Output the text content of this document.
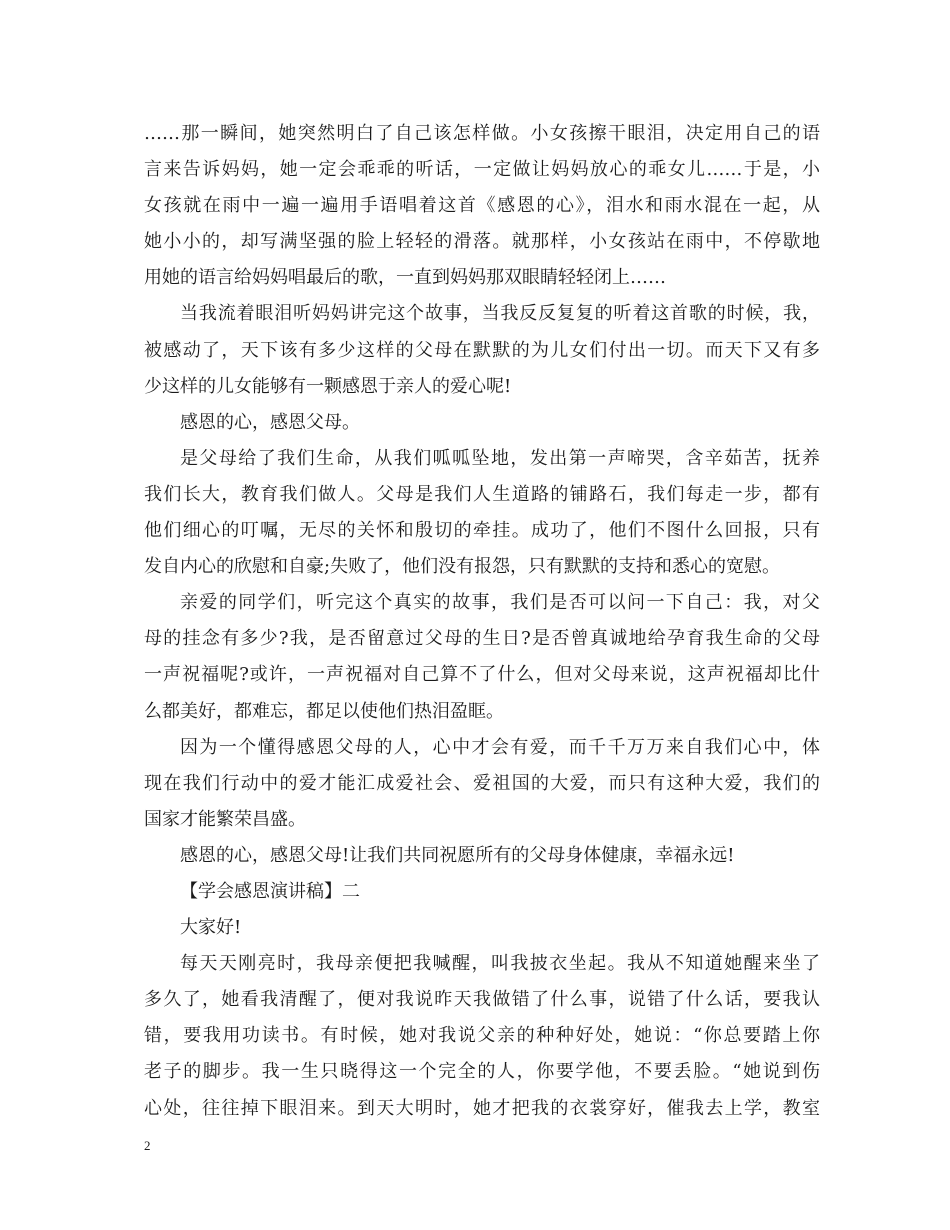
……那一瞬间，她突然明白了自己该怎样做。小女孩擦干眼泪，决定用自己的语
言来告诉妈妈，她一定会乖乖的听话，一定做让妈妈放心的乖女儿……于是，小
女孩就在雨中一遍一遍用手语唱着这首《感恩的心》，泪水和雨水混在一起，从
她小小的，却写满坚强的脸上轻轻的滑落。就那样，小女孩站在雨中，不停歇地
用她的语言给妈妈唱最后的歌，一直到妈妈那双眼睛轻轻闭上……
当我流着眼泪听妈妈讲完这个故事，当我反反复复的听着这首歌的时候，我，
被感动了，天下该有多少这样的父母在默默的为儿女们付出一切。而天下又有多
少这样的儿女能够有一颗感恩于亲人的爱心呢!
感恩的心，感恩父母。
是父母给了我们生命，从我们呱呱坠地，发出第一声啼哭，含辛茹苦，抚养
我们长大，教育我们做人。父母是我们人生道路的铺路石，我们每走一步，都有
他们细心的叮嘱，无尽的关怀和殷切的牵挂。成功了，他们不图什么回报，只有
发自内心的欣慰和自豪;失败了，他们没有报怨，只有默默的支持和悉心的宽慰。
亲爱的同学们，听完这个真实的故事，我们是否可以问一下自己：我，对父
母的挂念有多少?我，是否留意过父母的生日?是否曾真诚地给孕育我生命的父母
一声祝福呢?或许，一声祝福对自己算不了什么，但对父母来说，这声祝福却比什
么都美好，都难忘，都足以使他们热泪盈眶。
因为一个懂得感恩父母的人，心中才会有爱，而千千万万来自我们心中，体
现在我们行动中的爱才能汇成爱社会、爱祖国的大爱，而只有这种大爱，我们的
国家才能繁荣昌盛。
感恩的心，感恩父母!让我们共同祝愿所有的父母身体健康，幸福永远!
【学会感恩演讲稿】二
大家好!
每天天刚亮时，我母亲便把我喊醒，叫我披衣坐起。我从不知道她醒来坐了
多久了，她看我清醒了，便对我说昨天我做错了什么事，说错了什么话，要我认
错，要我用功读书。有时候，她对我说父亲的种种好处，她说：“你总要踏上你
老子的脚步。我一生只晓得这一个完全的人，你要学他，不要丢脸。“她说到伤
心处，往往掉下眼泪来。到天大明时，她才把我的衣裳穿好，催我去上学，教室
2
